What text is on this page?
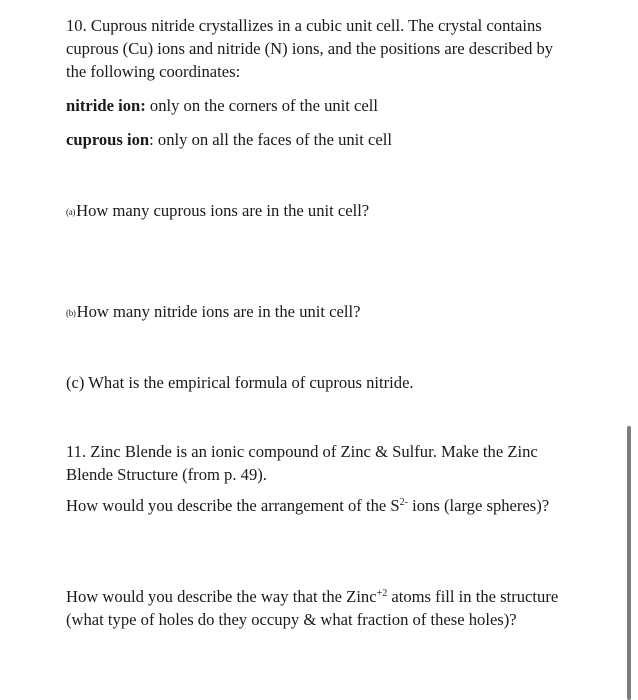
10. Cuprous nitride crystallizes in a cubic unit cell. The crystal contains cuprous (Cu) ions and nitride (N) ions, and the positions are described by the following coordinates:

nitride ion: only on the corners of the unit cell

cuprous ion: only on all the faces of the unit cell

(a)How many cuprous ions are in the unit cell?

(b)How many nitride ions are in the unit cell?

(c) What is the empirical formula of cuprous nitride.

11. Zinc Blende is an ionic compound of Zinc & Sulfur. Make the Zinc Blende Structure (from p. 49).

How would you describe the arrangement of the $S^{2-}$ ions (large spheres)?

How would you describe the way that the Zinc$^{+2}$ atoms fill in the structure (what type of holes do they occupy & what fraction of these holes)?
